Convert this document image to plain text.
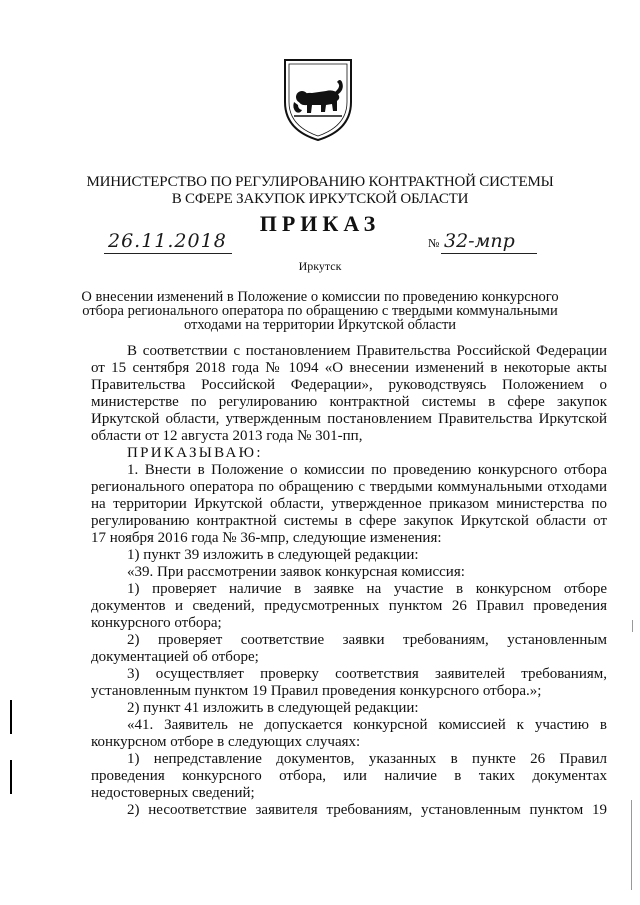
МИНИСТЕРСТВО ПО РЕГУЛИРОВАНИЮ КОНТРАКТНОЙ СИСТЕМЫ
В СФЕРЕ ЗАКУПОК ИРКУТСКОЙ ОБЛАСТИ
ПРИКАЗ
26.11.2018	№ 32-мпр
Иркутск
О внесении изменений в Положение о комиссии по проведению конкурсного
отбора регионального оператора по обращению с твердыми коммунальными
отходами на территории Иркутской области
В соответствии с постановлением Правительства Российской Федерации
от 15 сентября 2018 года № 1094 «О внесении изменений в некоторые акты
Правительства Российской Федерации», руководствуясь Положением о
министерстве по регулированию контрактной системы в сфере закупок
Иркутской области, утвержденным постановлением Правительства Иркутской
области от 12 августа 2013 года № 301-пп,
ПРИКАЗЫВАЮ:
1. Внести в Положение о комиссии по проведению конкурсного отбора
регионального оператора по обращению с твердыми коммунальными отходами
на территории Иркутской области, утвержденное приказом министерства по
регулированию контрактной системы в сфере закупок Иркутской области от
17 ноября 2016 года № 36-мпр, следующие изменения:
1) пункт 39 изложить в следующей редакции:
«39. При рассмотрении заявок конкурсная комиссия:
1) проверяет наличие в заявке на участие в конкурсном отборе
документов и сведений, предусмотренных пунктом 26 Правил проведения
конкурсного отбора;
2) проверяет соответствие заявки требованиям, установленным
документацией об отборе;
3) осуществляет проверку соответствия заявителей требованиям,
установленным пунктом 19 Правил проведения конкурсного отбора.»;
2) пункт 41 изложить в следующей редакции:
«41. Заявитель не допускается конкурсной комиссией к участию в
конкурсном отборе в следующих случаях:
1) непредставление документов, указанных в пункте 26 Правил
проведения конкурсного отбора, или наличие в таких документах
недостоверных сведений;
2) несоответствие заявителя требованиям, установленным пунктом 19
